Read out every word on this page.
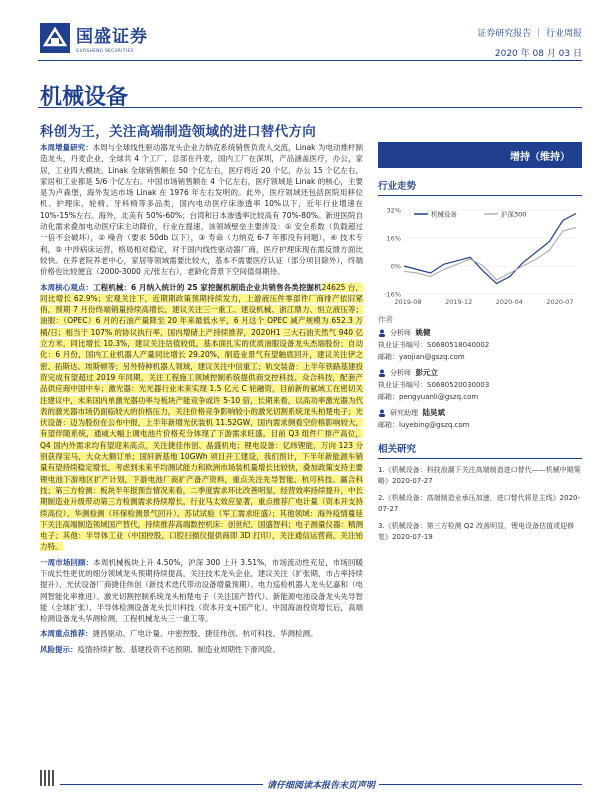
国盛证券
GUOSHENG SECURITIES
证券研究报告 ｜ 行业周报
2020 年 08 月 03 日
机械设备
科创为王，关注高端制造领域的进口替代方向

本周增量研究：本周与全球线性驱动器龙头企业力纳克系统销售负责人交流，Linak 为电动推杆制造龙头，丹麦企业，全球共 4 个工厂，总部在丹麦，国内工厂在深圳，产品涵盖医疗，办公，家居，工业四大模块。Linak 全球销售额在 50 个亿左右，医疗将近 20 个亿，办公 15 个亿左右，家居和工业都是 5/6 个亿左右。中国市场销售额在 4 个亿左右，医疗领域是 Linak 的核心，主要是为卢森堡，海外发达市场 Linak 在 1976 年左右发明的。此外，医疗领域还包括医院用移位机、护理床、轮椅、牙科椅等多品类，国内电动医疗床渗透率 10%以下，近年行业增速在 10%-15%左右。海外，北美有 50%-60%；台湾和日本渗透率比较高有 70%-80%。新进医院自动化需求叠加电动医疗床主动降价，行业在提速，该领域壁垒主要涉及：① 安全系数（负载超过一倍不会破坏），② 噪音（要求 50db 以下），③ 寿命（力纳克 6-7 年都没有问题），④ 技术专利，⑤ 中涉病床运营，格局相对稳定，对于国内线性驱动器厂商，医疗护理床现在需反馈方面比较快。在养老院养老中心，家居等领域需要比较大，基本不需要医疗认证（部分项目除外），终端价格也比较便宜（2000-3000 元/张左右），老龄化背景下空间值得期待。

本周核心观点：工程机械：6 月纳入统计的 25 家挖掘机制造企业共销售各类挖掘机24625 台，同比增长 62.9%；宏观关注下，近期期政策预期持续发力，上游液压件零部件厂商排产依旧紧俏，预期 7 月份终端销量持续高增长，建议关注三一重工、建设机械、浙江鼎力、恒立液压等；油服：（OPEC）6 月的石油产量降至 20 年来最低水平，6 月这个 OPEC 减产规模为 652.3 万桶/日；相当于 107% 的协议执行率，国内增储上产持续推荐，2020H1 三大石油天然气 940 亿立方米，同比增长 10.3%，建议关注估值较低，基本面扎实的优质油服设备龙头杰瑞股份；自动化：6 月份，国内工业机器人产量同比增长 29.20%，制造业景气有望触底回升，建议关注伊之密、拓斯达、埃斯顿等；另外特种机器人领域，建议关注中信重工；轨交装备：上半年铁路基建投资完成有望超过 2019 年同期，关注工程施工领域控制系统提供商交控科技、众合科技，配套产品供应商中国中车；激光器：光光器行业未来实现 1.5 亿元 C 轮融资，目前新的氨域工在密切关注建议中，未来国内单激光器功率与板块产能竞争或许 5-10 倍，长期来看，以高功率激光器为代表的激光器市场仍面临较大的价格压力，关注价格竞争影响较小的激光切割系统龙头柏楚电子；光伏设备：迈为股份在公布中报，上半年新增光伏装机 11.52GW，国内需求侧看空价格影响较大，有望伴随系统，通威大幅上调电池片价格充分体现了下游需求旺盛，目前 Q3 组件厂排产高位，Q4 国内外需求均有望迎来高点，关注捷佳伟创、晶盛机电；锂电设备：亿纬锂能，万向 123 分别获得宝马，大众大额订单；国轩新基地 10GWh 项目开工建设，我们预计，下半年新能源车销量有望持续稳定增长，考虑到未来平均测试能力和欧洲市场装机量增长比较快，叠加政策支持主要锂电池下游地区扩产计划，下游电池厂商扩产备产资料，重点关注先导智能、杭可科技、赢合科技；第三方检测：板块半年报预告情况来看，二季度需求环比改善明显，经营效率持续提升，中长期制造业升级带动第三方检测需求持续增长，行业马太效应显著，重点推荐广电计量（资本开支持续高位）、华测检测（环保检测景气回升），苏试试验（军工需求旺盛）；其他领域：海外疫情蔓延下关注高端制造领域国产替代，持续推荐高端数控机床：创世纪、国盛智科；电子测量仪器：精测电子；其他：半导体工业（中国控股，口腔扫描仪提供商即 3D 打印），关注通信运营商，关注铂力特。

一周市场回顾：本周机械板块上升 4.50%，沪深 300 上升 3.51%，市场流动性充足，市场回暖下成长性更优的细分领域龙头预期持续提高，关注技术龙头企业。建议关注（扩张期，市占率持续提升）、光伏设备厂商捷佳伟创（新技术迭代带动设备增量预期）、电力巡检机器人龙头亿嘉和（电网智能化率推进）、激光切割控制系统龙头柏楚电子（关注国产替代）、新能源电池设备龙头先导智能（全球扩张）、半导体检测设备龙头长川科技（资本开支+国产化）、中国海油投资增长后，高端检测设备龙头华测检测，工程机械龙头三一重工等。

本周重点推荐：捷昌驱动、广电计量、中密控股、捷佳伟创、杭可科技、华测检测。

风险提示：疫情持续扩散、基建投资不达预期、制造业周期性下滑风险。

增持（维持）
行业走势
32%
16%
0%
-16%
2019-08	2019-12	2020-04	2020-07
机械设备	沪深300
作者
分析师
姚健
执业证书编号：S0680518040002
邮箱：yaojian@gszq.com
分析师
彭元立
执业证书编号：S0680520030003
邮箱：pengyuanli@gszq.com
研究助理
陆昊斌
邮箱：luyebing@gszq.com
相关研究
1.《机械设备：科技浪潮下关注高端制造进口替代——机械中期策略》2020-07-27
2.《机械设备：高端制造业承压加速，进口替代将是主线》2020-07-27
3.《机械设备：第三方检测 Q2 改善明显，锂电设备估值或迎修复》2020-07-19
请仔细阅读本报告末页声明
